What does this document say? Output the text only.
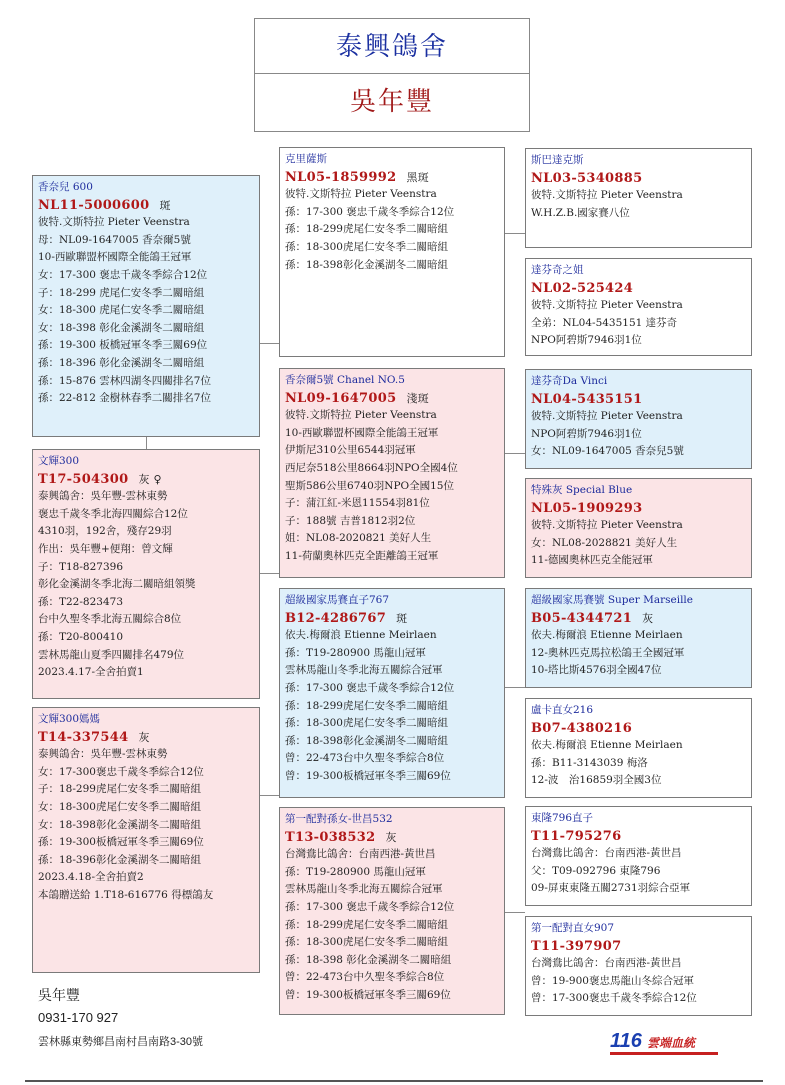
泰興鴿舍
吳年豐
香奈兒 600
NL11-5000600 斑
彼特.文斯特拉 Pieter Veenstra
母：NL09-1647005 香奈爾5號
10-西歐聯盟杯國際全能鴿王冠軍
女：17-300 褒忠千歲冬季綜合12位
子：18-299 虎尾仁安冬季二關暗組
女：18-300 虎尾仁安冬季二關暗組
女：18-398 彰化金溪湖冬二關暗組
孫：19-300 板橋冠軍冬季三關69位
孫：18-396 彰化金溪湖冬二關暗組
孫：15-876 雲林四湖冬四關排名7位
孫：22-812 金樹林春季二關排名7位
文輝300
T17-504300 灰 ♀
泰興鴿舍：吳年豐-雲林東勢
褒忠千歲冬季北海四關綜合12位
4310羽，192舍，殘存29羽
作出：吳年豐+便翔：曾文輝
子：T18-827396
彰化金溪湖冬季北海二關暗組領獎
孫：T22-823473
台中久聖冬季北海五關綜合8位
孫：T20-800410
雲林馬龍山夏季四關排名479位
2023.4.17-全舍拍賣1
文輝300媽媽
T14-337544 灰
泰興鴿舍：吳年豐-雲林東勢
女：17-300褒忠千歲冬季綜合12位
子：18-299虎尾仁安冬季二關暗組
女：18-300虎尾仁安冬季二關暗組
女：18-398彰化金溪湖冬二關暗組
孫：19-300板橋冠軍冬季三關69位
孫：18-396彰化金溪湖冬二關暗組
2023.4.18-全舍拍賣2
本鴿贈送給 1.T18-616776 得標鴿友
克里薩斯
NL05-1859992 黑斑
彼特.文斯特拉 Pieter Veenstra
孫：17-300 褒忠千歲冬季綜合12位
孫：18-299虎尾仁安冬季二關暗組
孫：18-300虎尾仁安冬季二關暗組
孫：18-398彰化金溪湖冬二關暗組
香奈爾5號 Chanel NO.5
NL09-1647005 淺斑
彼特.文斯特拉 Pieter Veenstra
10-西歐聯盟杯國際全能鴿王冠軍
伊斯尼310公里6544羽冠軍
西尼奈518公里8664羽NPO全國4位
聖斯586公里6740羽NPO全國15位
子：蒲江紅-米恩11554羽81位
子：188號 吉普1812羽2位
姐：NL08-2020821 美好人生
11-荷蘭奧林匹克全距離鴿王冠軍
超級國家馬賽直子767
B12-4286767 斑
依夫.梅爾浪 Etienne Meirlaen
孫：T19-280900 馬龍山冠軍
雲林馬龍山冬季北海五關綜合冠軍
孫：17-300 褒忠千歲冬季綜合12位
孫：18-299虎尾仁安冬季二關暗組
孫：18-300虎尾仁安冬季二關暗組
孫：18-398彰化金溪湖冬二關暗組
曾：22-473台中久聖冬季綜合8位
曾：19-300板橋冠軍冬季三關69位
第一配對孫女-世昌532
T13-038532 灰
台灣鴦比鴿舍：台南西港-黃世昌
孫：T19-280900 馬龍山冠軍
雲林馬龍山冬季北海五關綜合冠軍
孫：17-300 褒忠千歲冬季綜合12位
孫：18-299虎尾仁安冬季二關暗組
孫：18-300虎尾仁安冬季二關暗組
孫：18-398 彰化金溪湖冬二關暗組
曾：22-473台中久聖冬季綜合8位
曾：19-300板橋冠軍冬季三關69位
斯巴達克斯
NL03-5340885
彼特.文斯特拉 Pieter Veenstra
W.H.Z.B.國家賽八位
達芬奇之姐
NL02-525424
彼特.文斯特拉 Pieter Veenstra
全弟：NL04-5435151 達芬奇
NPO阿碧斯7946羽1位
達芬奇Da Vinci
NL04-5435151
彼特.文斯特拉 Pieter Veenstra
NPO阿碧斯7946羽1位
女：NL09-1647005 香奈兒5號
特殊灰 Special Blue
NL05-1909293
彼特.文斯特拉 Pieter Veenstra
女：NL08-2028821 美好人生
11-德國奧林匹克全能冠軍
超級國家馬賽號 Super Marseille
B05-4344721 灰
依夫.梅爾浪 Etienne Meirlaen
12-奧林匹克馬拉松鴿王全國冠軍
10-塔比斯4576羽全國47位
盧卡直女216
B07-4380216
依夫.梅爾浪 Etienne Meirlaen
孫：B11-3143039 梅洛
12-波　治16859羽全國3位
東隆796直子
T11-795276
台灣鴦比鴿舍：台南西港-黃世昌
父：T09-092796 東隆796
09-屏東東隆五關2731羽綜合亞軍
第一配對直女907
T11-397907
台灣鴦比鴿舍：台南西港-黃世昌
曾：19-900褒忠馬龍山冬綜合冠軍
曾：17-300褒忠千歲冬季綜合12位
吳年豐
0931-170 927
雲林縣東勢鄉昌南村昌南路3-30號	116 雲端血統
